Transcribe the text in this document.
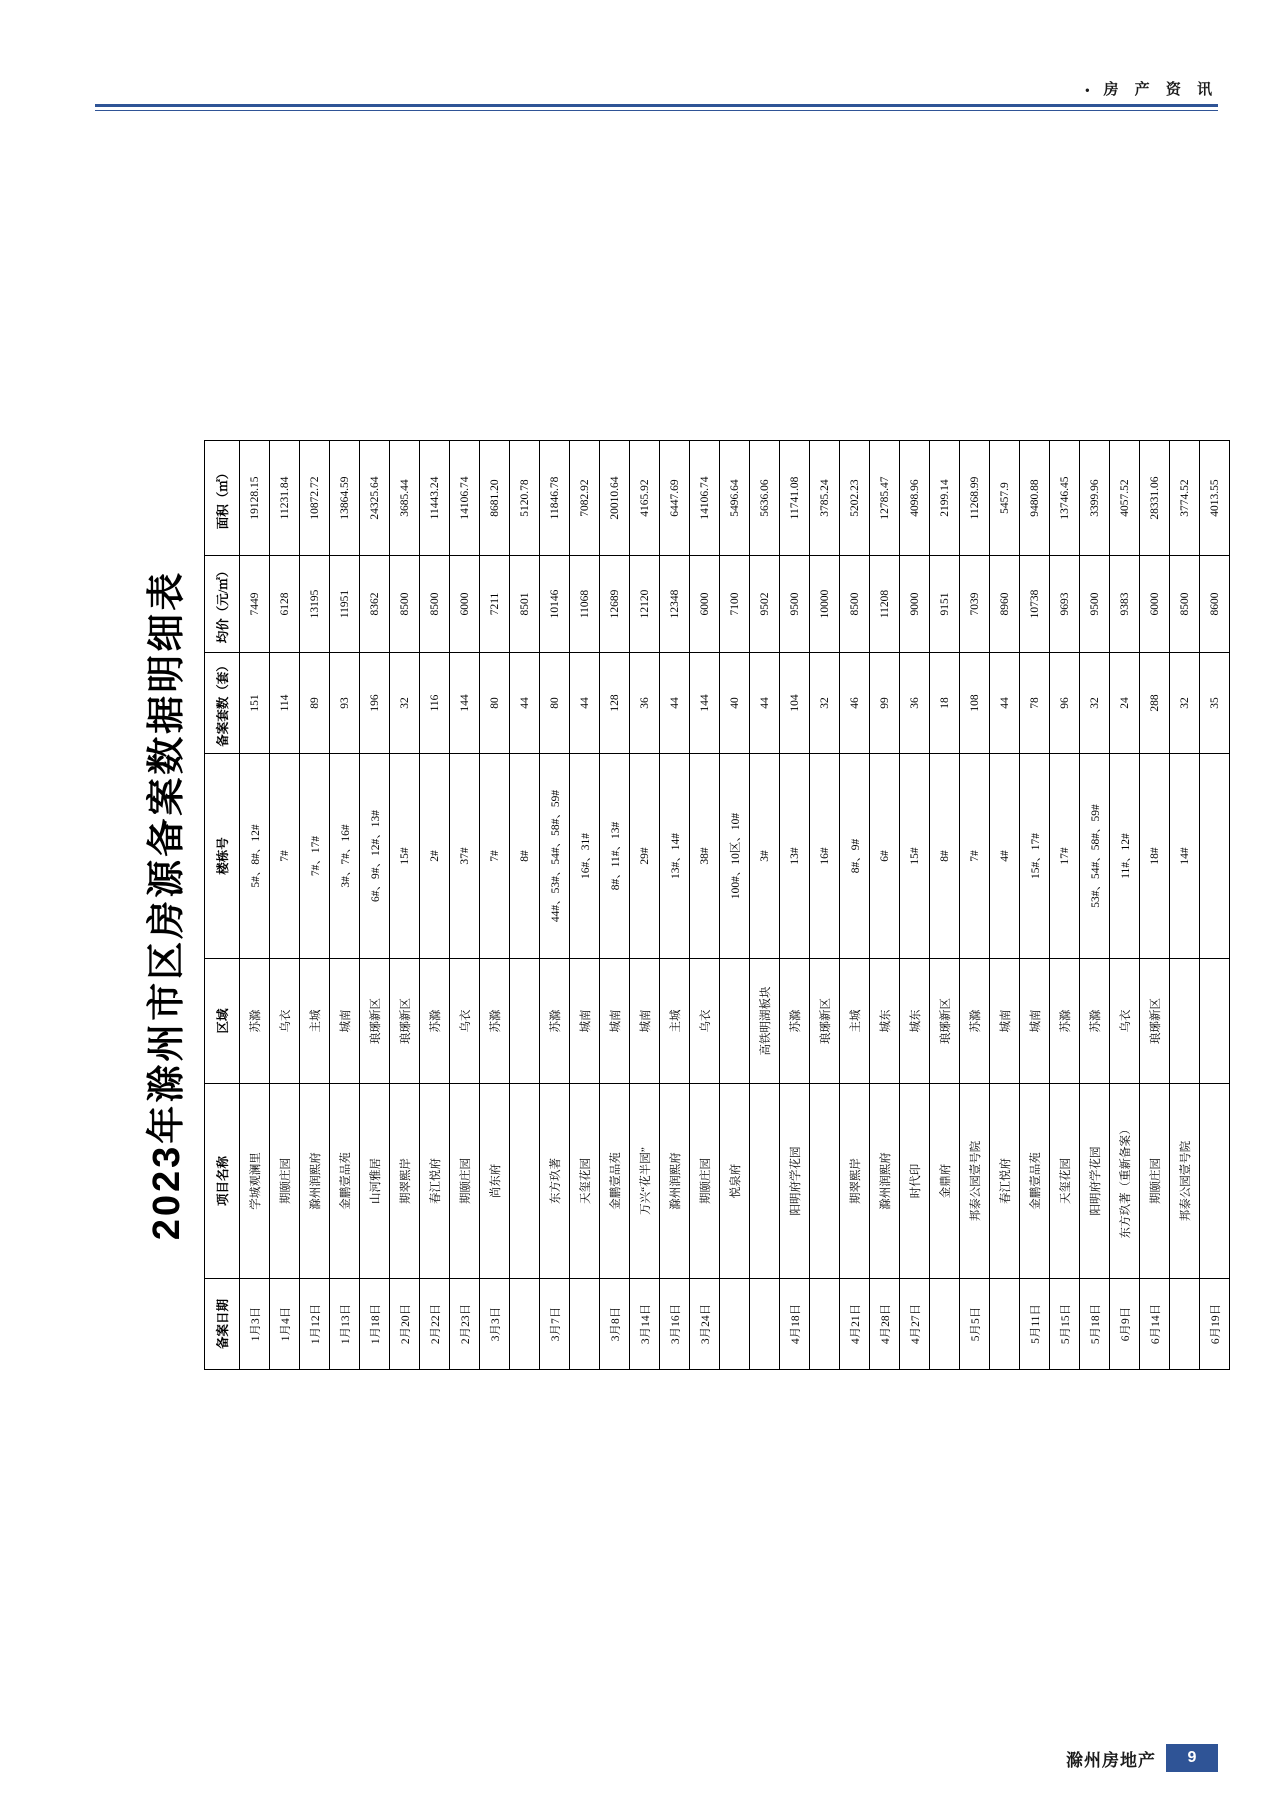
• 房 产 资 讯
2023年滁州市区房源备案数据明细表
备案日期	项目名称	区域	楼栋号	备案套数（套）	均价（元/㎡）	面积（㎡）
1月3日	学城观澜里	苏滁	5#、8#、12#	151	7449	19128.15
1月4日	期颐庄园	乌衣	7#	114	6128	11231.84
1月12日	滁州润熙府	主城	7#、17#	89	13195	10872.72
1月13日	金鹏壹品苑	城南	3#、7#、16#	93	11951	13864.59
1月18日	山河雅居	琅琊新区	6#、9#、12#、13#	196	8362	24325.64
2月20日	期翠熙岸	琅琊新区	15#	32	8500	3685.44
2月22日	春江悦府	苏滁	2#	116	8500	11443.24
2月23日	期颐庄园	乌衣	37#	144	6000	14106.74
3月3日	尚东府	苏滁	7#	80	7211	8681.20
			8#	44	8501	5120.78
3月7日	东方玖著	苏滁	44#、53#、54#、58#、59#	80	10146	11846.78
	天玺花园	城南	16#、31#	44	11068	7082.92
3月8日	金鹏壹品苑	城南	8#、11#、13#	128	12689	20010.64
3月14日	万兴“花半园”	城南	29#	36	12120	4165.92
3月16日	滁州润熙府	主城	13#、14#	44	12348	6447.69
3月24日	期颐庄园	乌衣	38#	144	6000	14106.74
	悦泉府		100#、10区、10#	40	7100	5496.64
		高铁明湖板块	3#	44	9502	5636.06
4月18日	阳明府学花园	苏滁	13#	104	9500	11741.08
		琅琊新区	16#	32	10000	3785.24
4月21日	期翠熙岸	主城	8#、9#	46	8500	5202.23
4月28日	滁州润熙府	城东	6#	99	11208	12785.47
4月27日	时代印	城东	15#	36	9000	4098.96
	金鼎府	琅琊新区	8#	18	9151	2199.14
5月5日	邦泰公园壹号院	苏滁	7#	108	7039	11268.99
	春江悦府	城南	4#	44	8960	5457.9
5月11日	金鹏壹品苑	城南	15#、17#	78	10738	9480.88
5月15日	天玺花园	苏滁	17#	96	9693	13746.45
5月18日	阳明府学花园	苏滁	53#、54#、58#、59#	32	9500	3399.96
6月9日	东方玖著（重新备案）	乌衣	11#、12#	24	9383	4057.52
6月14日	期颐庄园	琅琊新区	18#	288	6000	28331.06
	邦泰公园壹号院		14#	32	8500	3774.52
6月19日				35	8600	4013.55
滁州房地产	9
